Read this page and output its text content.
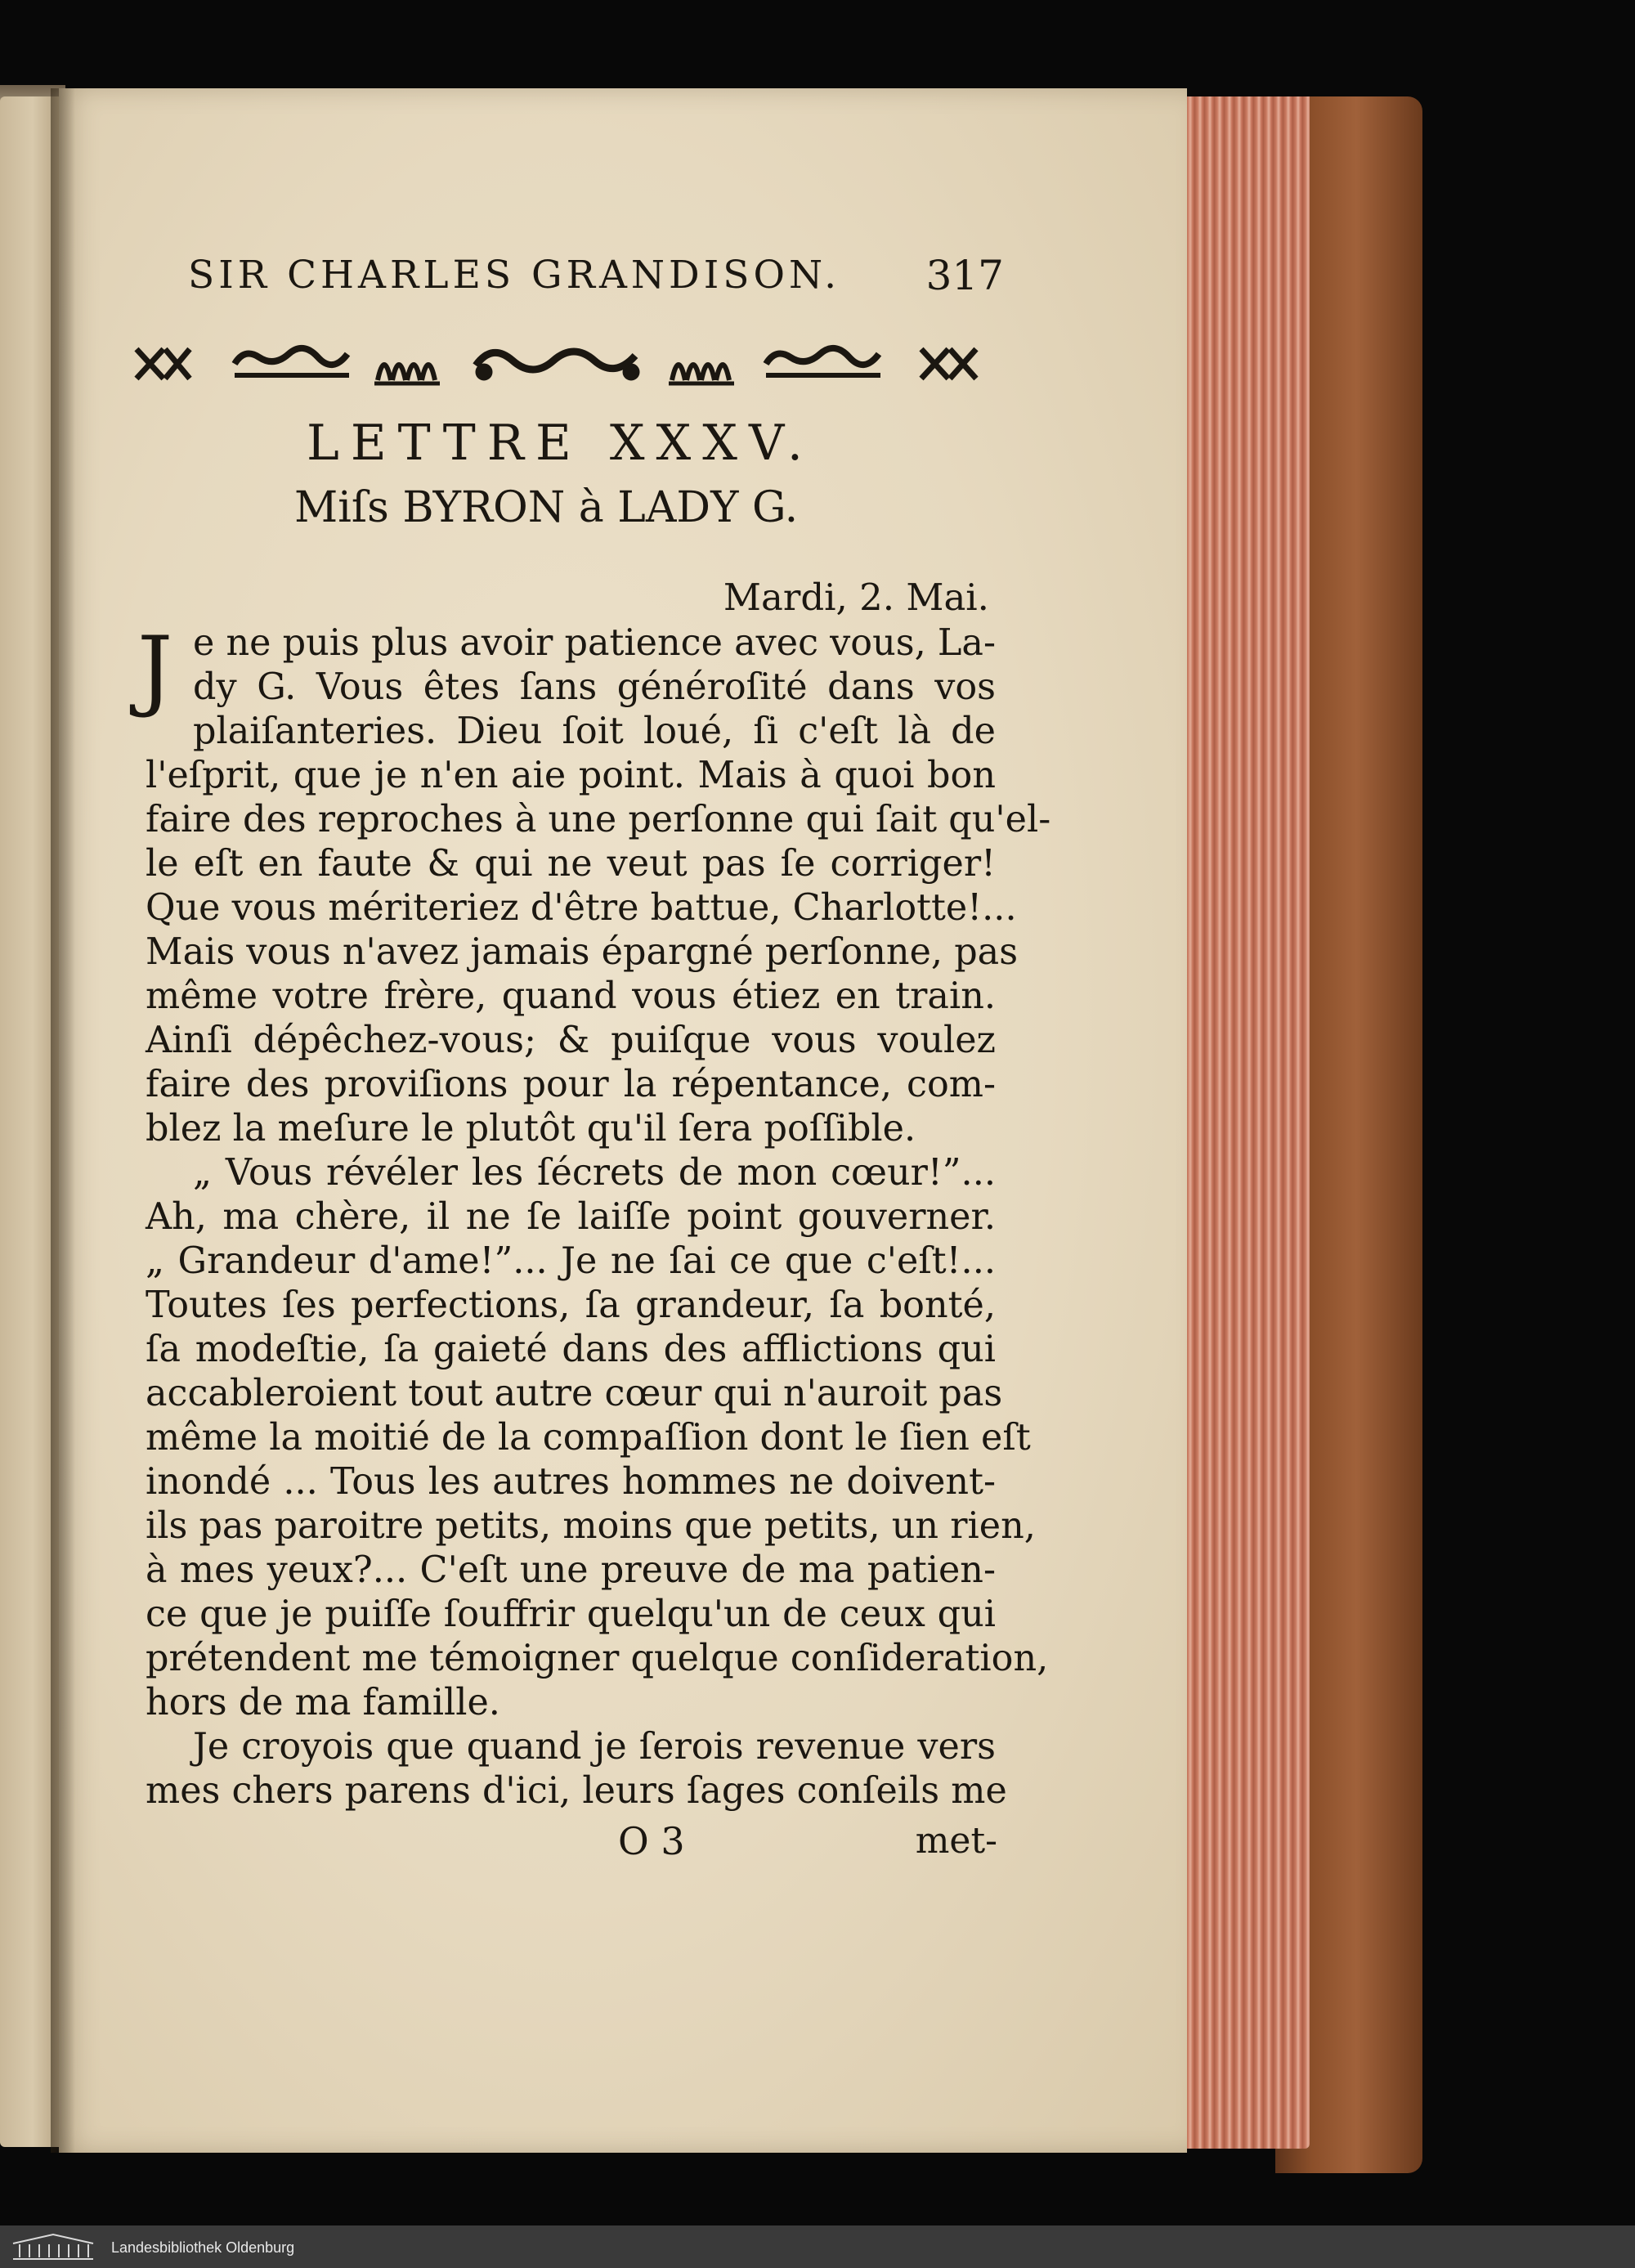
SIR CHARLES GRANDISON.	317
LETTRE XXXV.
Miſs BYRON à LADY G.
Mardi, 2. Mai.
J e ne puis plus avoir patience avec vous, La-
dy G. Vous êtes ſans généroſité dans vos
plaiſanteries. Dieu ſoit loué, ſi c'eſt là de
l'eſprit, que je n'en aie point. Mais à quoi bon
faire des reproches à une perſonne qui ſait qu'el-
le eſt en faute & qui ne veut pas ſe corriger!
Que vous mériteriez d'être battue, Charlotte!...
Mais vous n'avez jamais épargné perſonne, pas
même votre frère, quand vous étiez en train.
Ainſi dépêchez-vous; & puiſque vous voulez
faire des proviſions pour la répentance, com-
blez la meſure le plutôt qu'il ſera poſſible.
„ Vous révéler les ſécrets de mon cœur!”...
Ah, ma chère, il ne ſe laiſſe point gouverner.
„ Grandeur d'ame!”... Je ne ſai ce que c'eſt!...
Toutes ſes perfections, ſa grandeur, ſa bonté,
ſa modeſtie, ſa gaieté dans des afflictions qui
accableroient tout autre cœur qui n'auroit pas
même la moitié de la compaſſion dont le ſien eſt
inondé ... Tous les autres hommes ne doivent-
ils pas paroitre petits, moins que petits, un rien,
à mes yeux?... C'eſt une preuve de ma patien-
ce que je puiſſe ſouffrir quelqu'un de ceux qui
prétendent me témoigner quelque conſideration,
hors de ma famille.
Je croyois que quand je ſerois revenue vers
O 3	met-
Landesbibliothek Oldenburg
mes chers parens d'ici, leurs ſages conſeils me
